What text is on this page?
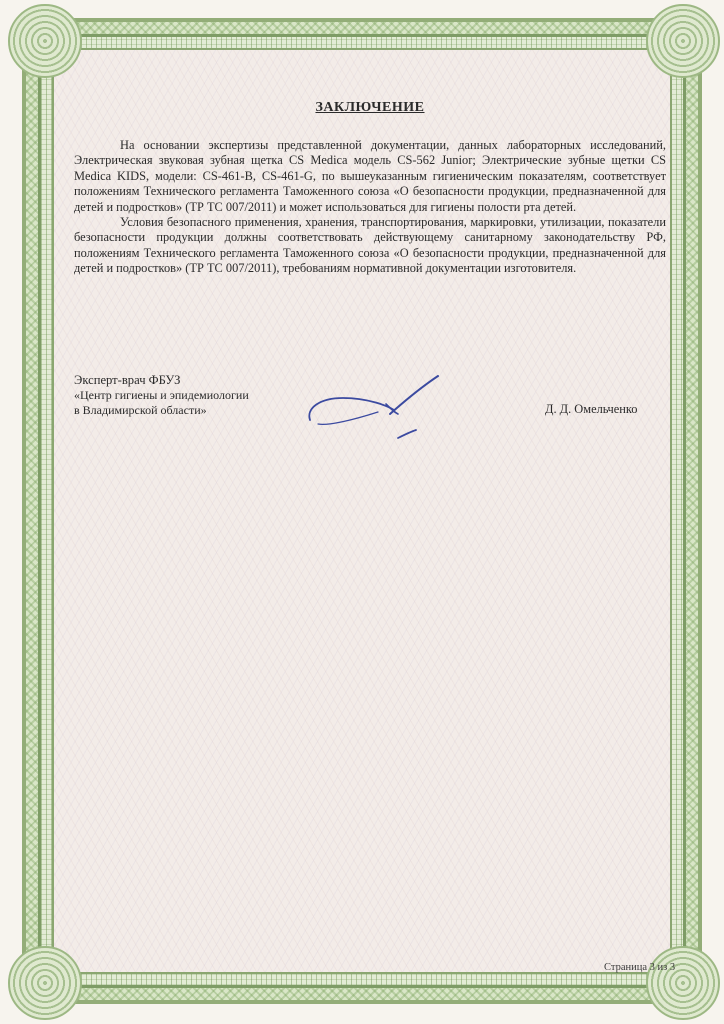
ЗАКЛЮЧЕНИЕ

На основании экспертизы представленной документации, данных лабораторных исследований, Электрическая звуковая зубная щетка CS Medica модель CS-562 Junior; Электрические зубные щетки CS Medica KIDS, модели: CS-461-B, CS-461-G, по вышеуказанным гигиеническим показателям, соответствует положениям Технического регламента Таможенного союза «О безопасности продукции, предназначенной для детей и подростков» (ТР ТС 007/2011) и может использоваться для гигиены полости рта детей.

Условия безопасного применения, хранения, транспортирования, маркировки, утилизации, показатели безопасности продукции должны соответствовать действующему санитарному законодательству РФ, положениям Технического регламента Таможенного союза «О безопасности продукции, предназначенной для детей и подростков» (ТР ТС 007/2011), требованиям нормативной документации изготовителя.

Эксперт-врач ФБУЗ
«Центр гигиены и эпидемиологии
в Владимирской области»	Д. Д. Омельченко
Страница 3 из 3
